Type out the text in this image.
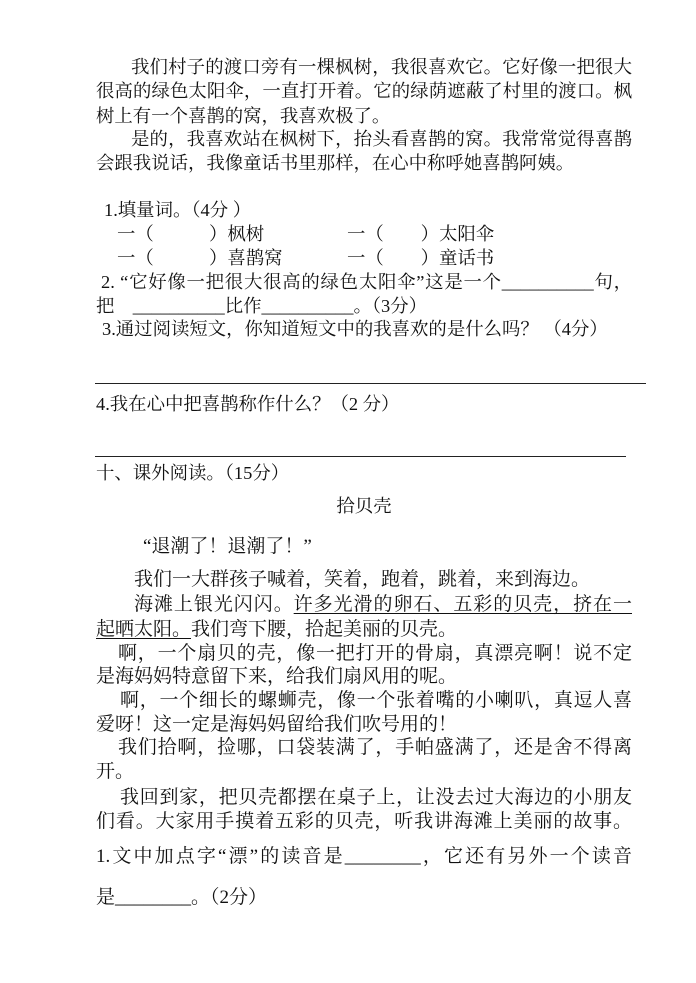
我们村子的渡口旁有一棵枫树，我很喜欢它。它好像一把很大
很高的绿色太阳伞，一直打开着。它的绿荫遮蔽了村里的渡口。枫
树上有一个喜鹊的窝，我喜欢极了。
是的，我喜欢站在枫树下，抬头看喜鹊的窝。我常常觉得喜鹊
会跟我说话，我像童话书里那样，在心中称呼她喜鹊阿姨。
1.填量词。（4分 ）
一（　　　）枫树	一（　　）太阳伞
一（　　　）喜鹊窝	一（　　）童话书
2. “它好像一把很大很高的绿色太阳伞”这是一个__________句，
把　__________比作__________。（3分）
3.通过阅读短文，你知道短文中的我喜欢的是什么吗？ （4分）
4.我在心中把喜鹊称作什么？（2 分）
十、课外阅读。（15分）
拾贝壳
“退潮了！退潮了！”
我们一大群孩子喊着，笑着，跑着，跳着，来到海边。
海滩上银光闪闪。许多光滑的卵石、五彩的贝壳，挤在一
起晒太阳。我们弯下腰，拾起美丽的贝壳。
啊，一个扇贝的壳，像一把打开的骨扇，真漂亮啊！说不定
是海妈妈特意留下来，给我们扇风用的呢。
啊，一个细长的螺蛳壳，像一个张着嘴的小喇叭，真逗人喜
爱呀！这一定是海妈妈留给我们吹号用的！
我们拾啊，捡哪，口袋装满了，手帕盛满了，还是舍不得离
开。
我回到家，把贝壳都摆在桌子上，让没去过大海边的小朋友
们看。大家用手摸着五彩的贝壳，听我讲海滩上美丽的故事。
1.文中加点字“漂”的读音是________，它还有另外一个读音
是________。（2分）
